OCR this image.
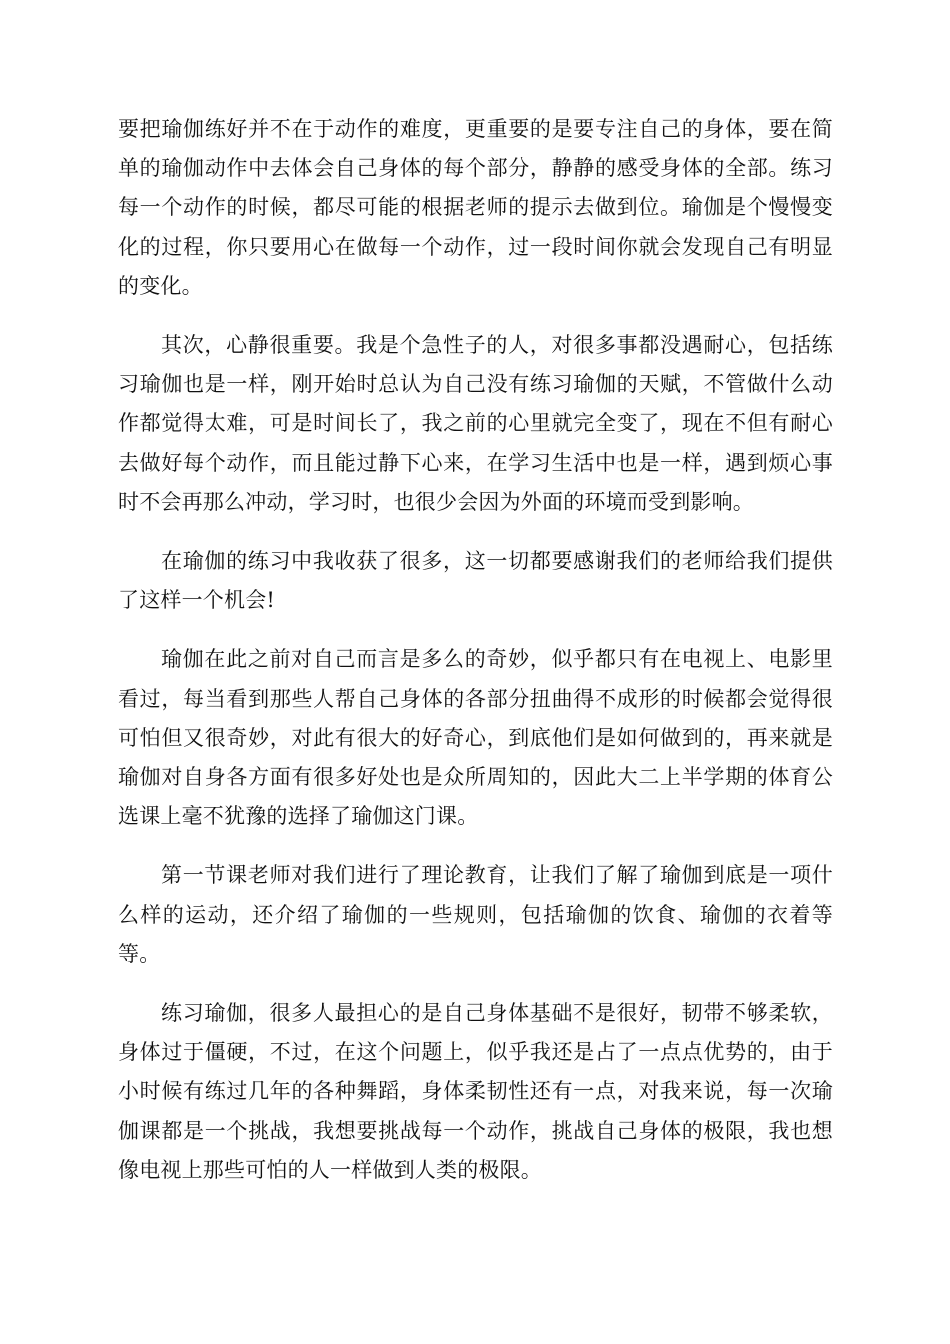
要把瑜伽练好并不在于动作的难度，更重要的是要专注自己的身体，要在简单的瑜伽动作中去体会自己身体的每个部分，静静的感受身体的全部。练习每一个动作的时候，都尽可能的根据老师的提示去做到位。瑜伽是个慢慢变化的过程，你只要用心在做每一个动作，过一段时间你就会发现自己有明显的变化。

其次，心静很重要。我是个急性子的人，对很多事都没遇耐心，包括练习瑜伽也是一样，刚开始时总认为自己没有练习瑜伽的天赋，不管做什么动作都觉得太难，可是时间长了，我之前的心里就完全变了，现在不但有耐心去做好每个动作，而且能过静下心来，在学习生活中也是一样，遇到烦心事时不会再那么冲动，学习时，也很少会因为外面的环境而受到影响。

在瑜伽的练习中我收获了很多，这一切都要感谢我们的老师给我们提供了这样一个机会!

瑜伽在此之前对自己而言是多么的奇妙，似乎都只有在电视上、电影里看过，每当看到那些人帮自己身体的各部分扭曲得不成形的时候都会觉得很可怕但又很奇妙，对此有很大的好奇心，到底他们是如何做到的，再来就是瑜伽对自身各方面有很多好处也是众所周知的，因此大二上半学期的体育公选课上毫不犹豫的选择了瑜伽这门课。

第一节课老师对我们进行了理论教育，让我们了解了瑜伽到底是一项什么样的运动，还介绍了瑜伽的一些规则，包括瑜伽的饮食、瑜伽的衣着等等。

练习瑜伽，很多人最担心的是自己身体基础不是很好，韧带不够柔软，身体过于僵硬，不过，在这个问题上，似乎我还是占了一点点优势的，由于小时候有练过几年的各种舞蹈，身体柔韧性还有一点，对我来说，每一次瑜伽课都是一个挑战，我想要挑战每一个动作，挑战自己身体的极限，我也想像电视上那些可怕的人一样做到人类的极限。
